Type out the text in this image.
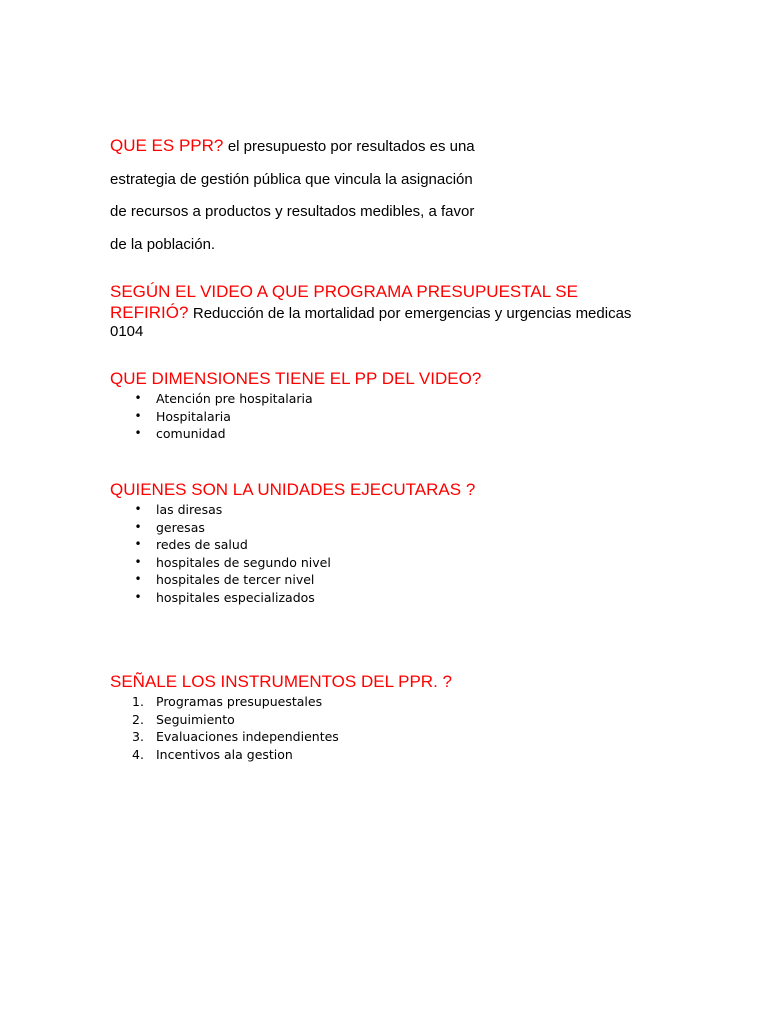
QUE ES PPR? el presupuesto por resultados es una
estrategia de gestión pública que vincula la asignación
de recursos a productos y resultados medibles, a favor
de la población.
SEGÚN EL VIDEO A QUE PROGRAMA PRESUPUESTAL SE
REFIRIÓ? Reducción de la mortalidad por emergencias y urgencias medicas
0104
QUE DIMENSIONES TIENE EL PP DEL VIDEO?
• Atención pre hospitalaria
• Hospitalaria
• comunidad
QUIENES SON LA UNIDADES EJECUTARAS ?
• las diresas
• geresas
• redes de salud
• hospitales de segundo nivel
• hospitales de tercer nivel
• hospitales especializados
SEÑALE LOS INSTRUMENTOS DEL PPR. ?
1. Programas presupuestales
2. Seguimiento
3. Evaluaciones independientes
4. Incentivos ala gestion
